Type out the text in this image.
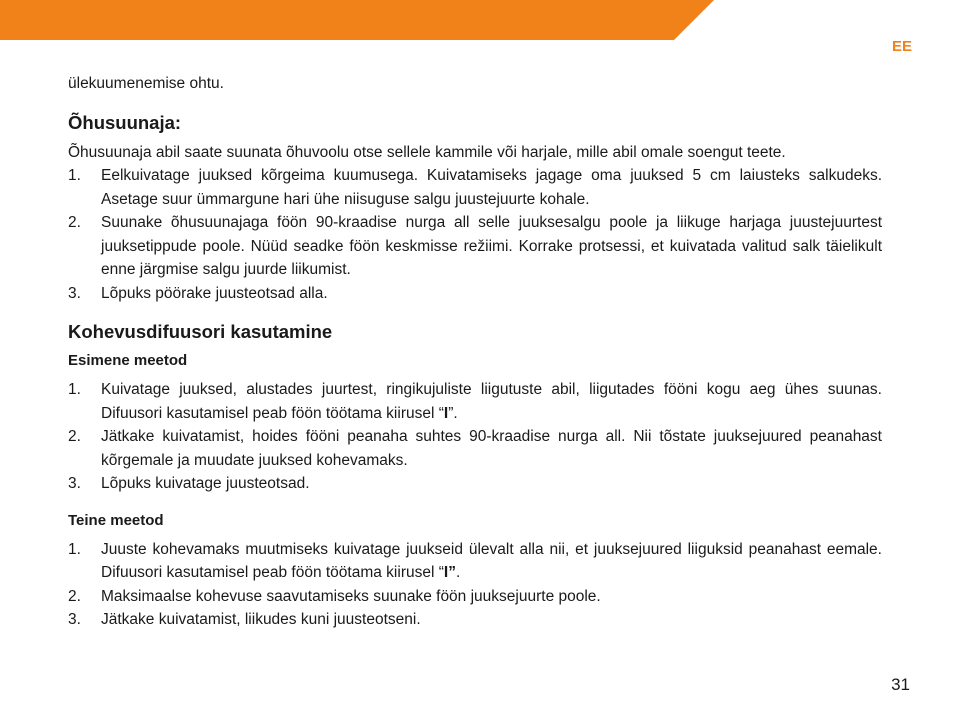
EE

ülekuumenemise ohtu.

Õhusuunaja:

Õhusuunaja abil saate suunata õhuvoolu otse sellele kammile või harjale, mille abil omale soengut teete.

1.	Eelkuivatage juuksed kõrgeima kuumusega. Kuivatamiseks jagage oma juuksed 5 cm laiusteks salkudeks. Asetage suur ümmargune hari ühe niisuguse salgu juustejuurte kohale.
2.	Suunake õhusuunajaga föön 90-kraadise nurga all selle juuksesalgu poole ja liikuge harjaga juustejuurtest juuksetippude poole. Nüüd seadke föön keskmisse režiimi. Korrake protsessi, et kuivatada valitud salk täielikult enne järgmise salgu juurde liikumist.
3.	Lõpuks pöörake juusteotsad alla.
Kohevusdifuusori kasutamine
Esimene meetod
1.	Kuivatage juuksed, alustades juurtest, ringikujuliste liigutuste abil, liigutades fööni kogu aeg ühes suunas. Difuusori kasutamisel peab föön töötama kiirusel “I”.
2.	Jätkake kuivatamist, hoides fööni peanaha suhtes 90-kraadise nurga all. Nii tõstate juuksejuured peanahast kõrgemale ja muudate juuksed kohevamaks.
3.	Lõpuks kuivatage juusteotsad.
Teine meetod
1.	Juuste kohevamaks muutmiseks kuivatage juukseid ülevalt alla nii, et juuksejuured liiguksid peanahast eemale. Difuusori kasutamisel peab föön töötama kiirusel “I”.
2.	Maksimaalse kohevuse saavutamiseks suunake föön juuksejuurte poole.
3.	Jätkake kuivatamist, liikudes kuni juusteotseni.
31
